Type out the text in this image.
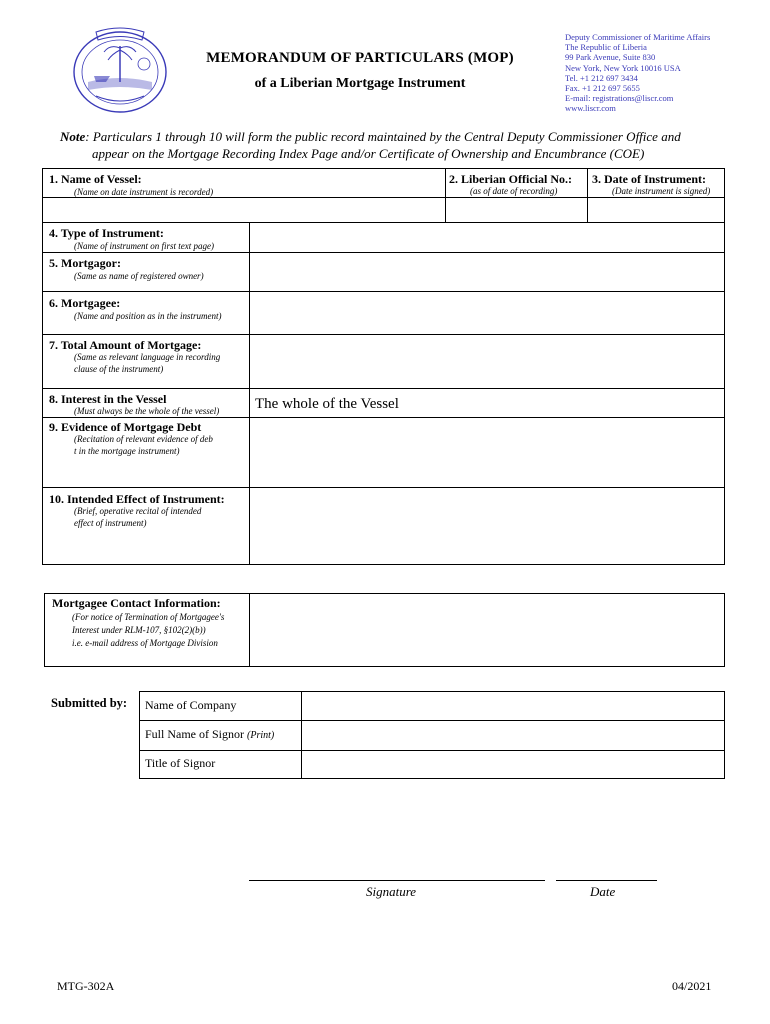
MEMORANDUM OF PARTICULARS (MOP)
of a Liberian Mortgage Instrument
Deputy Commissioner of Maritime Affairs
The Republic of Liberia
99 Park Avenue, Suite 830
New York, New York 10016 USA
Tel. +1 212 697 3434
Fax. +1 212 697 5655
E-mail: registrations@liscr.com
www.liscr.com
Note: Particulars 1 through 10 will form the public record maintained by the Central Deputy Commissioner Office and
appear on the Mortgage Recording Index Page and/or Certificate of Ownership and Encumbrance (COE)
1. Name of Vessel:
(Name on date instrument is recorded)
2. Liberian Official No.:
(as of date of recording)
3. Date of Instrument:
(Date instrument is signed)
4. Type of Instrument:
(Name of instrument on first text page)
5. Mortgagor:
(Same as name of registered owner)
6. Mortgagee:
(Name and position as in the instrument)
7. Total Amount of Mortgage:
(Same as relevant language in recording
clause of the instrument)
8. Interest in the Vessel
(Must always be the whole of the vessel) The whole of the Vessel
9. Evidence of Mortgage Debt
(Recitation of relevant evidence of deb
t in the mortgage instrument)
10. Intended Effect of Instrument:
(Brief, operative recital of intended
effect of instrument)
Mortgagee Contact Information:
(For notice of Termination of Mortgagee's
Interest under RLM-107, §102(2)(b))
i.e. e-mail address of Mortgage Division
Submitted by: Name of Company
Full Name of Signor (Print)
Title of Signor
Signature	Date
MTG-302A	04/2021
